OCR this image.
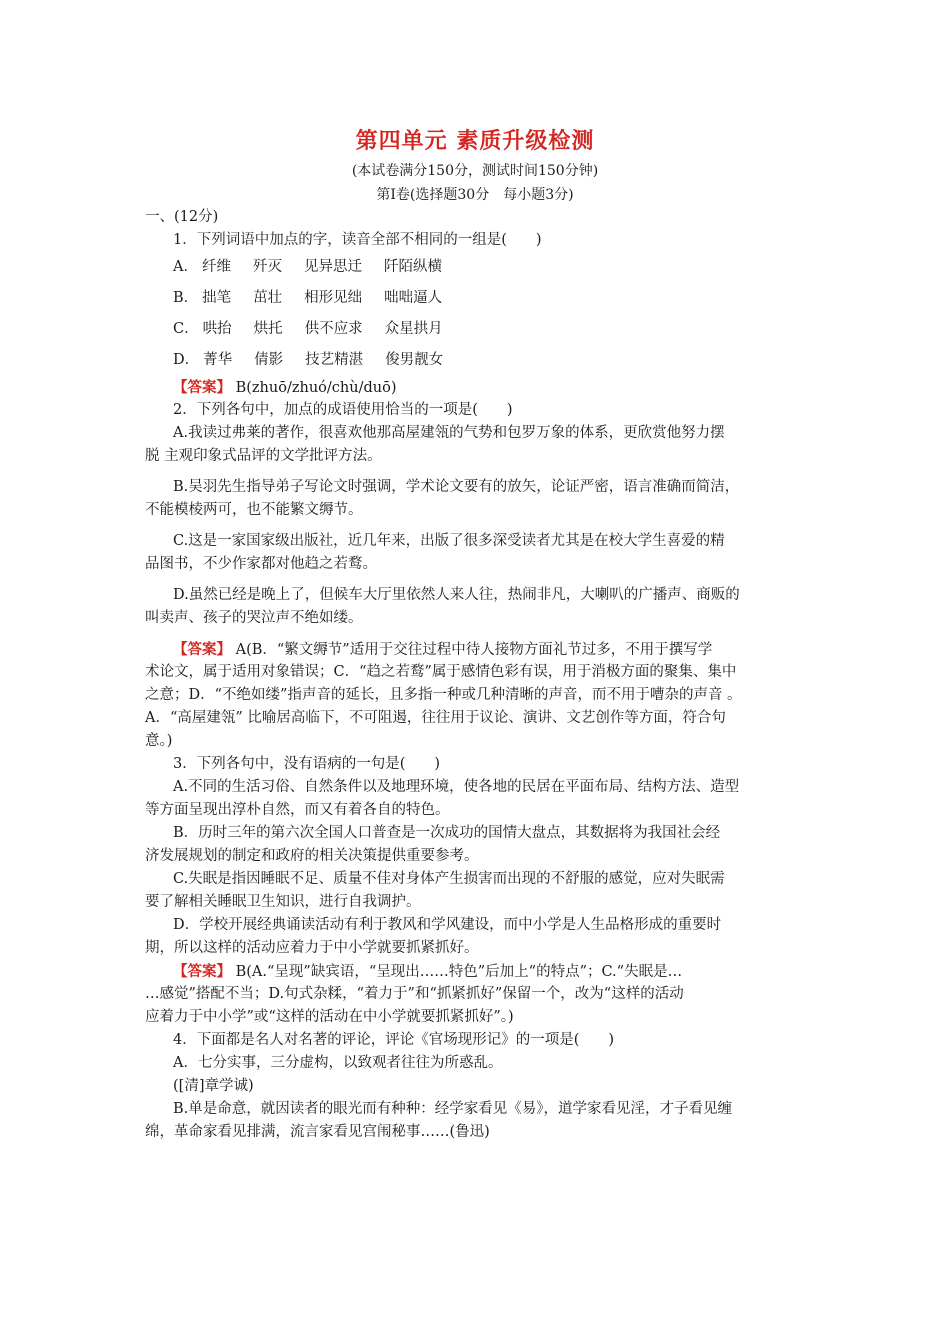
第四单元 素质升级检测
(本试卷满分150分，测试时间150分钟)
第Ⅰ卷(选择题30分　每小题3分)
一、(12分)
1．下列词语中加点的字，读音全部不相同的一组是(　　)
A． 纤维 歼灭 见异思迁 阡陌纵横
B． 拙笔 茁壮 相形见绌 咄咄逼人
C． 哄抬 烘托 供不应求 众星拱月
D． 菁华 倩影 技艺精湛 俊男靓女
【答案】 B(zhuō/zhuó/chù/duō)
2．下列各句中，加点的成语使用恰当的一项是(　　)
A.我读过弗莱的著作，很喜欢他那高屋建瓴的气势和包罗万象的体系，更欣赏他努力摆
脱 主观印象式品评的文学批评方法。
B.吴羽先生指导弟子写论文时强调，学术论文要有的放矢，论证严密，语言准确而简洁，
不能模棱两可，也不能繁文缛节。
C.这是一家国家级出版社，近几年来，出版了很多深受读者尤其是在校大学生喜爱的精
品图书，不少作家都对他趋之若鹜。
D.虽然已经是晚上了，但候车大厅里依然人来人往，热闹非凡，大喇叭的广播声、商贩的
叫卖声、孩子的哭泣声不绝如缕。
【答案】 A(B．“繁文缛节”适用于交往过程中待人接物方面礼节过多，不用于撰写学
术论文，属于适用对象错误；C．“趋之若鹜”属于感情色彩有误，用于消极方面的聚集、集中
之意；D．“不绝如缕”指声音的延长，且多指一种或几种清晰的声音，而不用于嘈杂的声音 。
A．“高屋建瓴” 比喻居高临下，不可阻遏，往往用于议论、演讲、文艺创作等方面，符合句
意。)
3．下列各句中，没有语病的一句是(　　)
A.不同的生活习俗、自然条件以及地理环境，使各地的民居在平面布局、结构方法、造型
等方面呈现出淳朴自然，而又有着各自的特色。
B．历时三年的第六次全国人口普查是一次成功的国情大盘点，其数据将为我国社会经
济发展规划的制定和政府的相关决策提供重要参考。
C.失眠是指因睡眠不足、质量不佳对身体产生损害而出现的不舒服的感觉，应对失眠需
要了解相关睡眠卫生知识，进行自我调护。
D．学校开展经典诵读活动有利于教风和学风建设，而中小学是人生品格形成的重要时
期，所以这样的活动应着力于中小学就要抓紧抓好。
【答案】 B(A.“呈现”缺宾语，“呈现出……特色”后加上“的特点”；C.“失眠是…
…感觉”搭配不当；D.句式杂糅，“着力于”和“抓紧抓好”保留一个，改为“这样的活动
应着力于中小学”或“这样的活动在中小学就要抓紧抓好”。)
4．下面都是名人对名著的评论，评论《官场现形记》的一项是(　　)
A．七分实事，三分虚构，以致观者往往为所惑乱。
([清]章学诚)
B.单是命意，就因读者的眼光而有种种：经学家看见《易》，道学家看见淫，才子看见缠
绵，革命家看见排满，流言家看见宫闱秘事……(鲁迅)
